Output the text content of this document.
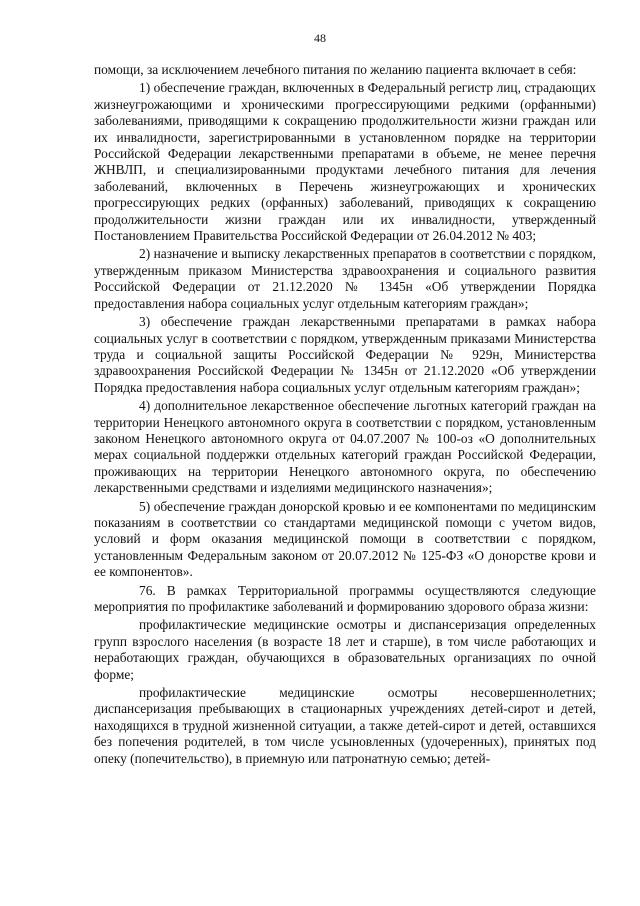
48

помощи, за исключением лечебного питания по желанию пациента включает в себя:

1) обеспечение граждан, включенных в Федеральный регистр лиц, страдающих жизнеугрожающими и хроническими прогрессирующими редкими (орфанными) заболеваниями, приводящими к сокращению продолжительности жизни граждан или их инвалидности, зарегистрированными в установленном порядке на территории Российской Федерации лекарственными препаратами в объеме, не менее перечня ЖНВЛП, и специализированными продуктами лечебного питания для лечения заболеваний, включенных в Перечень жизнеугрожающих и хронических прогрессирующих редких (орфанных) заболеваний, приводящих к сокращению продолжительности жизни граждан или их инвалидности, утвержденный Постановлением Правительства Российской Федерации от 26.04.2012 № 403;

2) назначение и выписку лекарственных препаратов в соответствии с порядком, утвержденным приказом Министерства здравоохранения и социального развития Российской Федерации от 21.12.2020 № 1345н «Об утверждении Порядка предоставления набора социальных услуг отдельным категориям граждан»;

3) обеспечение граждан лекарственными препаратами в рамках набора социальных услуг в соответствии с порядком, утвержденным приказами Министерства труда и социальной защиты Российской Федерации № 929н, Министерства здравоохранения Российской Федерации № 1345н от 21.12.2020 «Об утверждении Порядка предоставления набора социальных услуг отдельным категориям граждан»;

4) дополнительное лекарственное обеспечение льготных категорий граждан на территории Ненецкого автономного округа в соответствии с порядком, установленным законом Ненецкого автономного округа от 04.07.2007 № 100-оз «О дополнительных мерах социальной поддержки отдельных категорий граждан Российской Федерации, проживающих на территории Ненецкого автономного округа, по обеспечению лекарственными средствами и изделиями медицинского назначения»;

5) обеспечение граждан донорской кровью и ее компонентами по медицинским показаниям в соответствии со стандартами медицинской помощи с учетом видов, условий и форм оказания медицинской помощи в соответствии с порядком, установленным Федеральным законом от 20.07.2012 № 125-ФЗ «О донорстве крови и ее компонентов».

76. В рамках Территориальной программы осуществляются следующие мероприятия по профилактике заболеваний и формированию здорового образа жизни:

профилактические медицинские осмотры и диспансеризация определенных групп взрослого населения (в возрасте 18 лет и старше), в том числе работающих и неработающих граждан, обучающихся в образовательных организациях по очной форме;

профилактические медицинские осмотры несовершеннолетних; диспансеризация пребывающих в стационарных учреждениях детей-сирот и детей, находящихся в трудной жизненной ситуации, а также детей-сирот и детей, оставшихся без попечения родителей, в том числе усыновленных (удочеренных), принятых под опеку (попечительство), в приемную или патронатную семью; детей-
